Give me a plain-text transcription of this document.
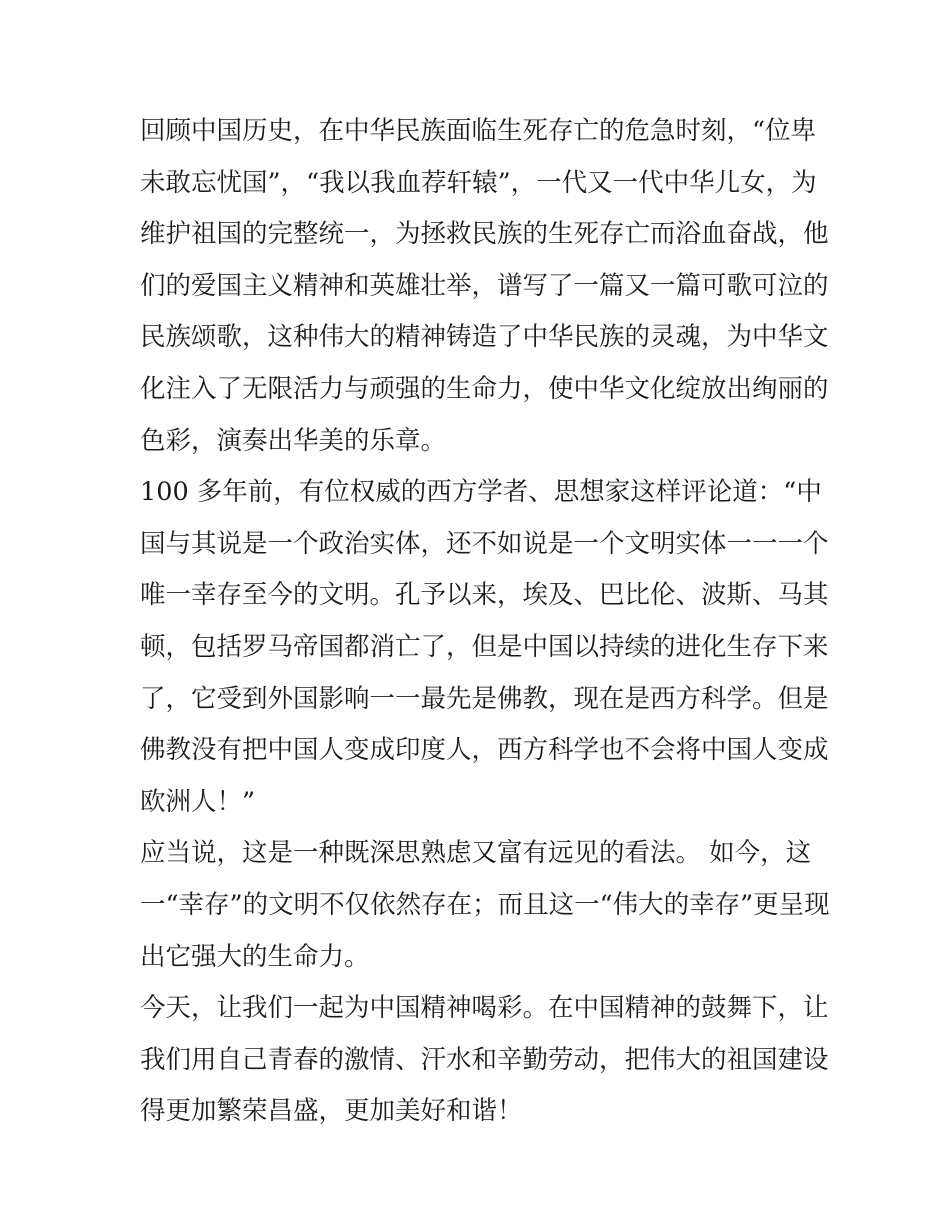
回顾中国历史，在中华民族面临生死存亡的危急时刻，“位卑
未敢忘忧国”，“我以我血荐轩辕”，一代又一代中华儿女，为
维护祖国的完整统一，为拯救民族的生死存亡而浴血奋战，他
们的爱国主义精神和英雄壮举，谱写了一篇又一篇可歌可泣的
民族颂歌，这种伟大的精神铸造了中华民族的灵魂，为中华文
化注入了无限活力与顽强的生命力，使中华文化绽放出绚丽的
色彩，演奏出华美的乐章。
100 多年前，有位权威的西方学者、思想家这样评论道：“中
国与其说是一个政治实体，还不如说是一个文明实体一一一个
唯一幸存至今的文明。孔予以来，埃及、巴比伦、波斯、马其
顿，包括罗马帝国都消亡了，但是中国以持续的进化生存下来
了，它受到外国影响一一最先是佛教，现在是西方科学。但是
佛教没有把中国人变成印度人，西方科学也不会将中国人变成
欧洲人！”
应当说，这是一种既深思熟虑又富有远见的看法。 如今，这
一“幸存”的文明不仅依然存在；而且这一“伟大的幸存”更呈现
出它强大的生命力。
今天，让我们一起为中国精神喝彩。在中国精神的鼓舞下，让
我们用自己青春的激情、汗水和辛勤劳动，把伟大的祖国建设
得更加繁荣昌盛，更加美好和谐！
